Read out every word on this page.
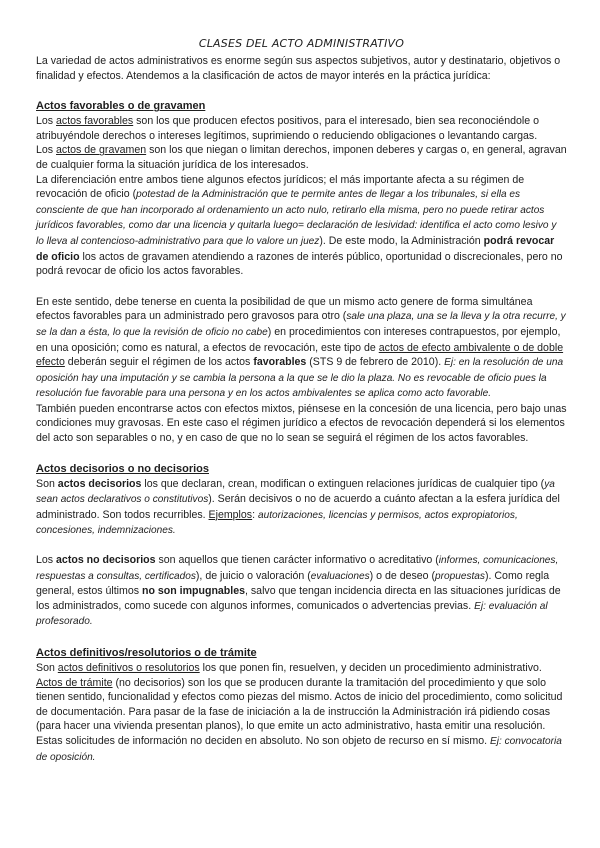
CLASES DEL ACTO ADMINISTRATIVO

La variedad de actos administrativos es enorme según sus aspectos subjetivos, autor y destinatario, objetivos o finalidad y efectos. Atendemos a la clasificación de actos de mayor interés en la práctica jurídica:

Actos favorables o de gravamen

Los actos favorables son los que producen efectos positivos, para el interesado, bien sea reconociéndole o atribuyéndole derechos o intereses legítimos, suprimiendo o reduciendo obligaciones o levantando cargas.

Los actos de gravamen son los que niegan o limitan derechos, imponen deberes y cargas o, en general, agravan de cualquier forma la situación jurídica de los interesados.

La diferenciación entre ambos tiene algunos efectos jurídicos; el más importante afecta a su régimen de revocación de oficio (potestad de la Administración que te permite antes de llegar a los tribunales, si ella es consciente de que han incorporado al ordenamiento un acto nulo, retirarlo ella misma, pero no puede retirar actos jurídicos favorables, como dar una licencia y quitarla luego= declaración de lesividad: identifica el acto como lesivo y lo lleva al contencioso-administrativo para que lo valore un juez). De este modo, la Administración podrá revocar de oficio los actos de gravamen atendiendo a razones de interés público, oportunidad o discrecionales, pero no podrá revocar de oficio los actos favorables.

En este sentido, debe tenerse en cuenta la posibilidad de que un mismo acto genere de forma simultánea efectos favorables para un administrado pero gravosos para otro (sale una plaza, una se la lleva y la otra recurre, y se la dan a ésta, lo que la revisión de oficio no cabe) en procedimientos con intereses contrapuestos, por ejemplo, en una oposición; como es natural, a efectos de revocación, este tipo de actos de efecto ambivalente o de doble efecto deberán seguir el régimen de los actos favorables (STS 9 de febrero de 2010). Ej: en la resolución de una oposición hay una imputación y se cambia la persona a la que se le dio la plaza. No es revocable de oficio pues la resolución fue favorable para una persona y en los actos ambivalentes se aplica como acto favorable.

También pueden encontrarse actos con efectos mixtos, piénsese en la concesión de una licencia, pero bajo unas condiciones muy gravosas. En este caso el régimen jurídico a efectos de revocación dependerá si los elementos del acto son separables o no, y en caso de que no lo sean se seguirá el régimen de los actos favorables.

Actos decisorios o no decisorios

Son actos decisorios los que declaran, crean, modifican o extinguen relaciones jurídicas de cualquier tipo (ya sean actos declarativos o constitutivos). Serán decisivos o no de acuerdo a cuánto afectan a la esfera jurídica del administrado. Son todos recurribles. Ejemplos: autorizaciones, licencias y permisos, actos expropiatorios, concesiones, indemnizaciones.

Los actos no decisorios son aquellos que tienen carácter informativo o acreditativo (informes, comunicaciones, respuestas a consultas, certificados), de juicio o valoración (evaluaciones) o de deseo (propuestas). Como regla general, estos últimos no son impugnables, salvo que tengan incidencia directa en las situaciones jurídicas de los administrados, como sucede con algunos informes, comunicados o advertencias previas. Ej: evaluación al profesorado.

Actos definitivos/resolutorios o de trámite

Son actos definitivos o resolutorios los que ponen fin, resuelven, y deciden un procedimiento administrativo.

Actos de trámite (no decisorios) son los que se producen durante la tramitación del procedimiento y que solo tienen sentido, funcionalidad y efectos como piezas del mismo. Actos de inicio del procedimiento, como solicitud de documentación. Para pasar de la fase de iniciación a la de instrucción la Administración irá pidiendo cosas (para hacer una vivienda presentan planos), lo que emite un acto administrativo, hasta emitir una resolución. Estas solicitudes de información no deciden en absoluto. No son objeto de recurso en sí mismo. Ej: convocatoria de oposición.
